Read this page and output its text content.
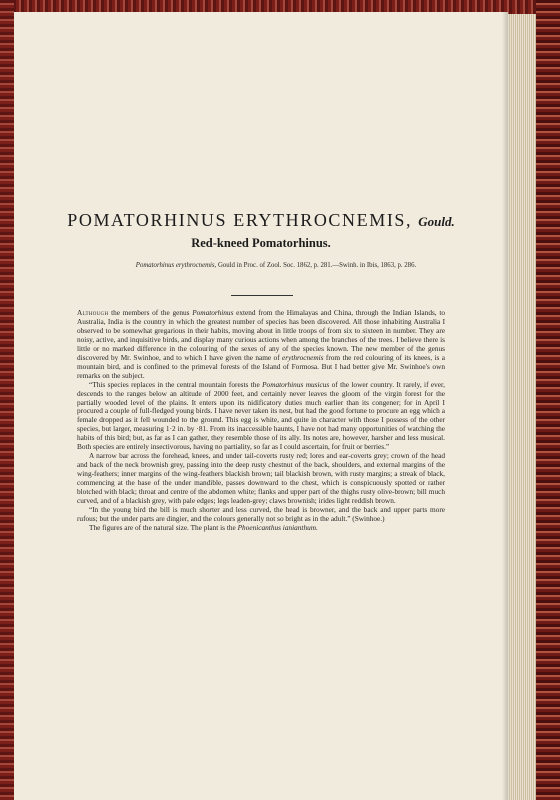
POMATORHINUS ERYTHROCNEMIS, Gould.
Red-kneed Pomatorhinus.
Pomatorhinus erythrocnemis, Gould in Proc. of Zool. Soc. 1862, p. 281.—Swinh. in Ibis, 1863, p. 286.

Although the members of the genus Pomatorhinus extend from the Himalayas and China, through the Indian Islands, to Australia, India is the country in which the greatest number of species has been discovered. All those inhabiting Australia I observed to be somewhat gregarious in their habits, moving about in little troops of from six to sixteen in number. They are noisy, active, and inquisitive birds, and display many curious actions when among the branches of the trees. I believe there is little or no marked difference in the colouring of the sexes of any of the species known. The new member of the genus discovered by Mr. Swinhoe, and to which I have given the name of erythrocnemis from the red colouring of its knees, is a mountain bird, and is confined to the primeval forests of the Island of Formosa. But I had better give Mr. Swinhoe's own remarks on the subject.

“This species replaces in the central mountain forests the Pomatorhinus musicus of the lower country. It rarely, if ever, descends to the ranges below an altitude of 2000 feet, and certainly never leaves the gloom of the virgin forest for the partially wooded level of the plains. It enters upon its nidificatory duties much earlier than its congener; for in April I procured a couple of full-fledged young birds. I have never taken its nest, but had the good fortune to procure an egg which a female dropped as it fell wounded to the ground. This egg is white, and quite in character with those I possess of the other species, but larger, measuring 1·2 in. by ·81. From its inaccessible haunts, I have not had many opportunities of watching the habits of this bird; but, as far as I can gather, they resemble those of its ally. Its notes are, however, harsher and less musical. Both species are entirely insectivorous, having no partiality, so far as I could ascertain, for fruit or berries.”

A narrow bar across the forehead, knees, and under tail-coverts rusty red; lores and ear-coverts grey; crown of the head and back of the neck brownish grey, passing into the deep rusty chestnut of the back, shoulders, and external margins of the wing-feathers; inner margins of the wing-feathers blackish brown; tail blackish brown, with rusty margins; a streak of black, commencing at the base of the under mandible, passes downward to the chest, which is conspicuously spotted or rather blotched with black; throat and centre of the abdomen white; flanks and upper part of the thighs rusty olive-brown; bill much curved, and of a blackish grey, with pale edges; legs leaden-grey; claws brownish; irides light reddish brown.

“In the young bird the bill is much shorter and less curved, the head is browner, and the back and upper parts more rufous; but the under parts are dingier, and the colours generally not so bright as in the adult.” (Swinhoe.)

The figures are of the natural size. The plant is the Phoenicanthus ianianthum.
